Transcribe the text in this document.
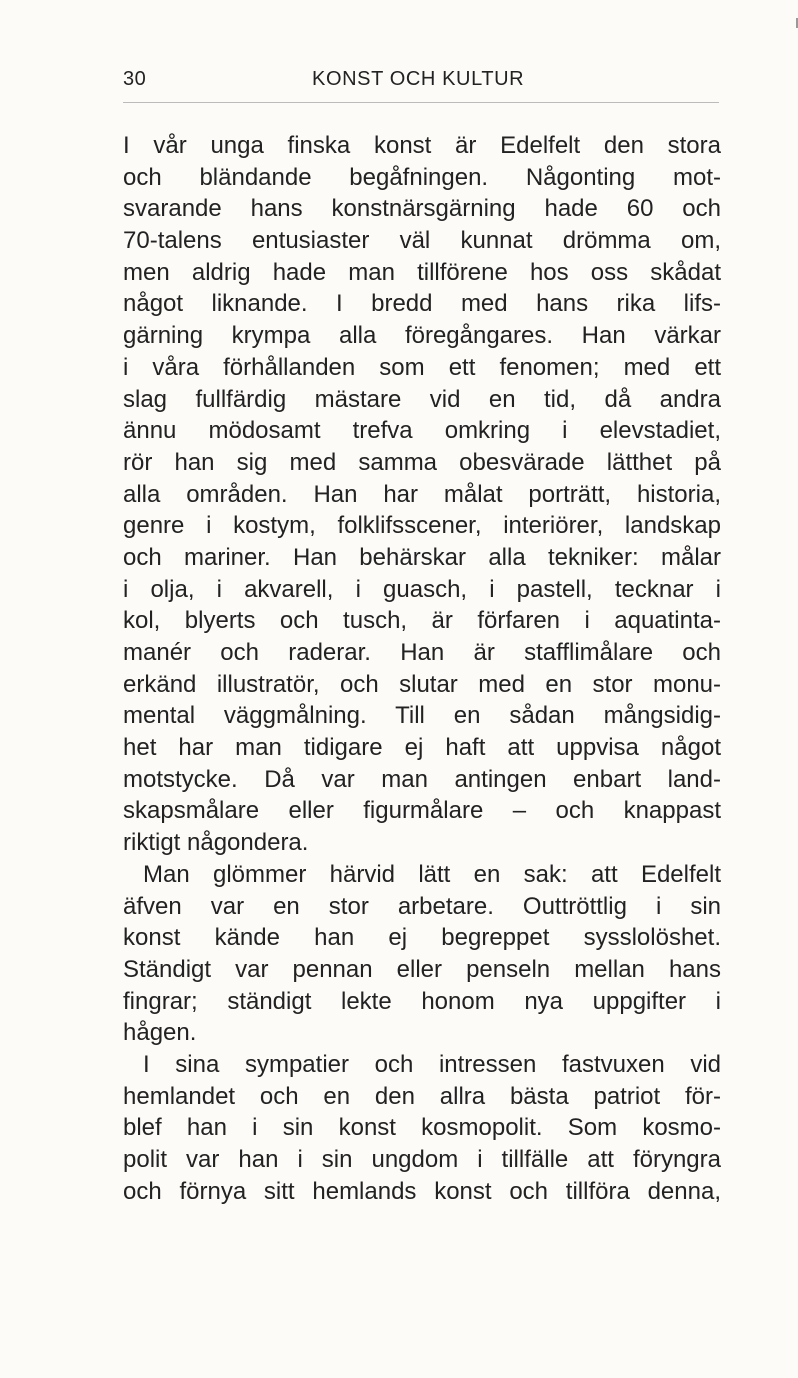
30	KONST OCH KULTUR
I vår unga finska konst är Edelfelt den stora
och bländande begåfningen. Någonting mot-
svarande hans konstnärsgärning hade 60 och
70-talens entusiaster väl kunnat drömma om,
men aldrig hade man tillförene hos oss skådat
något liknande. I bredd med hans rika lifs-
gärning krympa alla föregångares. Han värkar
i våra förhållanden som ett fenomen; med ett
slag fullfärdig mästare vid en tid, då andra
ännu mödosamt trefva omkring i elevstadiet,
rör han sig med samma obesvärade lätthet på
alla områden. Han har målat porträtt, historia,
genre i kostym, folklifsscener, interiörer, landskap
och mariner. Han behärskar alla tekniker: målar
i olja, i akvarell, i guasch, i pastell, tecknar i
kol, blyerts och tusch, är förfaren i aquatinta-
manér och raderar. Han är stafflimålare och
erkänd illustratör, och slutar med en stor monu-
mental väggmålning. Till en sådan mångsidig-
het har man tidigare ej haft att uppvisa något
motstycke. Då var man antingen enbart land-
skapsmålare eller figurmålare – och knappast
riktigt någondera.
Man glömmer härvid lätt en sak: att Edelfelt
äfven var en stor arbetare. Outtröttlig i sin
konst kände han ej begreppet sysslolöshet.
Ständigt var pennan eller penseln mellan hans
fingrar; ständigt lekte honom nya uppgifter i
hågen.
I sina sympatier och intressen fastvuxen vid
hemlandet och en den allra bästa patriot för-
blef han i sin konst kosmopolit. Som kosmo-
polit var han i sin ungdom i tillfälle att föryngra
och förnya sitt hemlands konst och tillföra denna,
